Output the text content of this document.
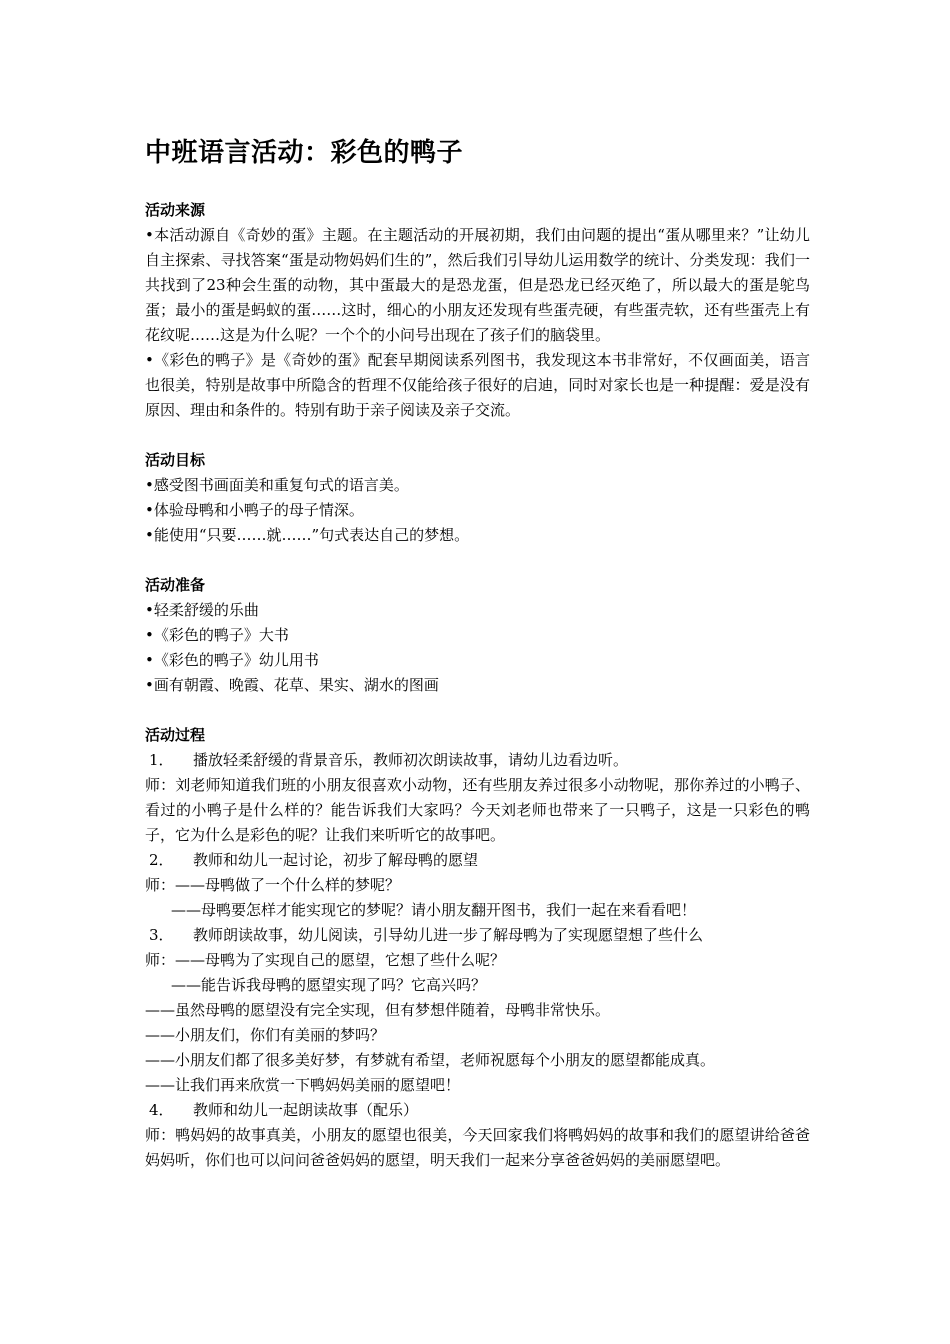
中班语言活动：彩色的鸭子

活动来源

•本活动源自《奇妙的蛋》主题。在主题活动的开展初期，我们由问题的提出“蛋从哪里来？”让幼儿自主探索、寻找答案“蛋是动物妈妈们生的”，然后我们引导幼儿运用数学的统计、分类发现：我们一共找到了23种会生蛋的动物，其中蛋最大的是恐龙蛋，但是恐龙已经灭绝了，所以最大的蛋是鸵鸟蛋；最小的蛋是蚂蚁的蛋……这时，细心的小朋友还发现有些蛋壳硬，有些蛋壳软，还有些蛋壳上有花纹呢……这是为什么呢？一个个的小问号出现在了孩子们的脑袋里。

•《彩色的鸭子》是《奇妙的蛋》配套早期阅读系列图书，我发现这本书非常好，不仅画面美，语言也很美，特别是故事中所隐含的哲理不仅能给孩子很好的启迪，同时对家长也是一种提醒：爱是没有原因、理由和条件的。特别有助于亲子阅读及亲子交流。

活动目标

•感受图书画面美和重复句式的语言美。

•体验母鸭和小鸭子的母子情深。

•能使用“只要……就……”句式表达自己的梦想。

活动准备

•轻柔舒缓的乐曲

•《彩色的鸭子》大书

•《彩色的鸭子》幼儿用书

•画有朝霞、晚霞、花草、果实、湖水的图画

活动过程

1． 播放轻柔舒缓的背景音乐，教师初次朗读故事，请幼儿边看边听。

师：刘老师知道我们班的小朋友很喜欢小动物，还有些朋友养过很多小动物呢，那你养过的小鸭子、看过的小鸭子是什么样的？能告诉我们大家吗？今天刘老师也带来了一只鸭子，这是一只彩色的鸭子，它为什么是彩色的呢？让我们来听听它的故事吧。

2． 教师和幼儿一起讨论，初步了解母鸭的愿望

师：——母鸭做了一个什么样的梦呢？

——母鸭要怎样才能实现它的梦呢？请小朋友翻开图书，我们一起在来看看吧！

3． 教师朗读故事，幼儿阅读，引导幼儿进一步了解母鸭为了实现愿望想了些什么

师：——母鸭为了实现自己的愿望，它想了些什么呢？

——能告诉我母鸭的愿望实现了吗？它高兴吗？

——虽然母鸭的愿望没有完全实现，但有梦想伴随着，母鸭非常快乐。

——小朋友们，你们有美丽的梦吗？

——小朋友们都了很多美好梦，有梦就有希望，老师祝愿每个小朋友的愿望都能成真。

——让我们再来欣赏一下鸭妈妈美丽的愿望吧！

4． 教师和幼儿一起朗读故事（配乐）

师：鸭妈妈的故事真美，小朋友的愿望也很美，今天回家我们将鸭妈妈的故事和我们的愿望讲给爸爸妈妈听，你们也可以问问爸爸妈妈的愿望，明天我们一起来分享爸爸妈妈的美丽愿望吧。
